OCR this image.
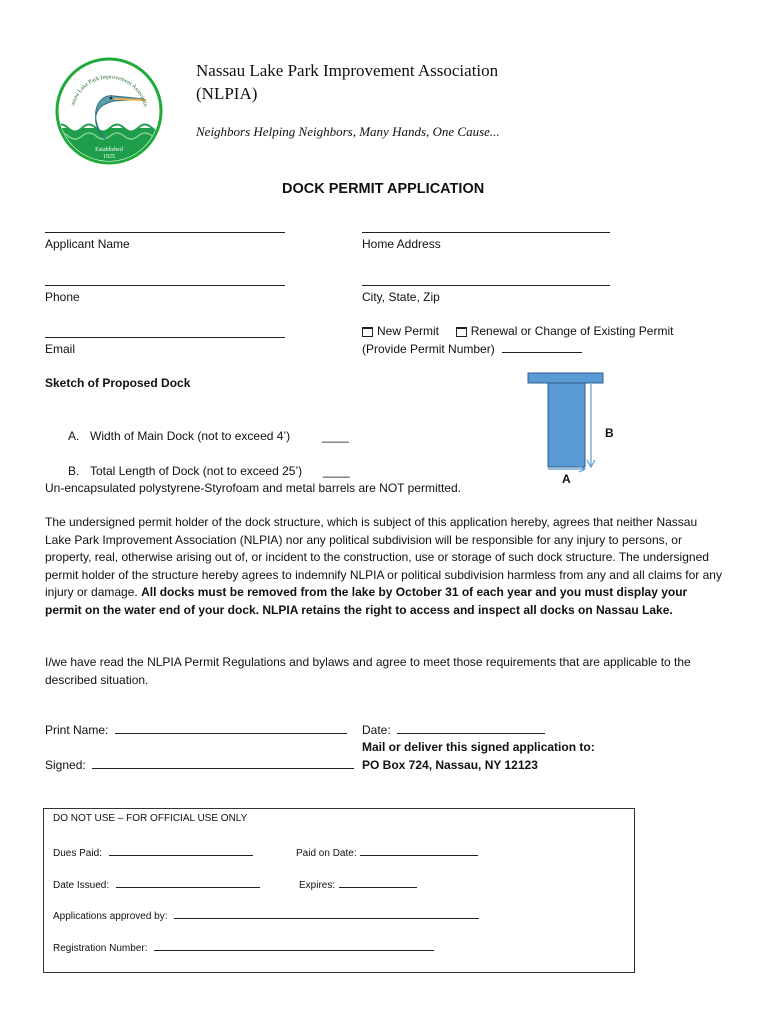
assau Lake Park Improvement Associatio
Established
1925
Nassau Lake Park Improvement Association
(NLPIA)
Neighbors Helping Neighbors, Many Hands, One Cause...
DOCK PERMIT APPLICATION
Applicant Name	Home Address
Phone	City, State, Zip
Email
New Permit	Renewal or Change of Existing Permit
(Provide Permit Number)
Sketch of Proposed Dock
A. Width of Main Dock (not to exceed 4’)	____
B. Total Length of Dock (not to exceed 25’) ____
Un-encapsulated polystyrene-Styrofoam and metal barrels are NOT permitted.
B
A
The undersigned permit holder of the dock structure, which is subject of this application hereby, agrees that neither Nassau Lake Park Improvement Association (NLPIA) nor any political subdivision will be responsible for any injury to persons, or property, real, otherwise arising out of, or incident to the construction, use or storage of such dock structure. The undersigned permit holder of the structure hereby agrees to indemnify NLPIA or political subdivision harmless from any and all claims for any injury or damage. All docks must be removed from the lake by October 31 of each year and you must display your permit on the water end of your dock. NLPIA retains the right to access and inspect all docks on Nassau Lake.
I/we have read the NLPIA Permit Regulations and bylaws and agree to meet those requirements that are applicable to the described situation.
Print Name:	Date:
Mail or deliver this signed application to:
Signed:	PO Box 724, Nassau, NY 12123
DO NOT USE – FOR OFFICIAL USE ONLY
Dues Paid:	Paid on Date:
Date Issued:	Expires:
Applications approved by:
Registration Number:
